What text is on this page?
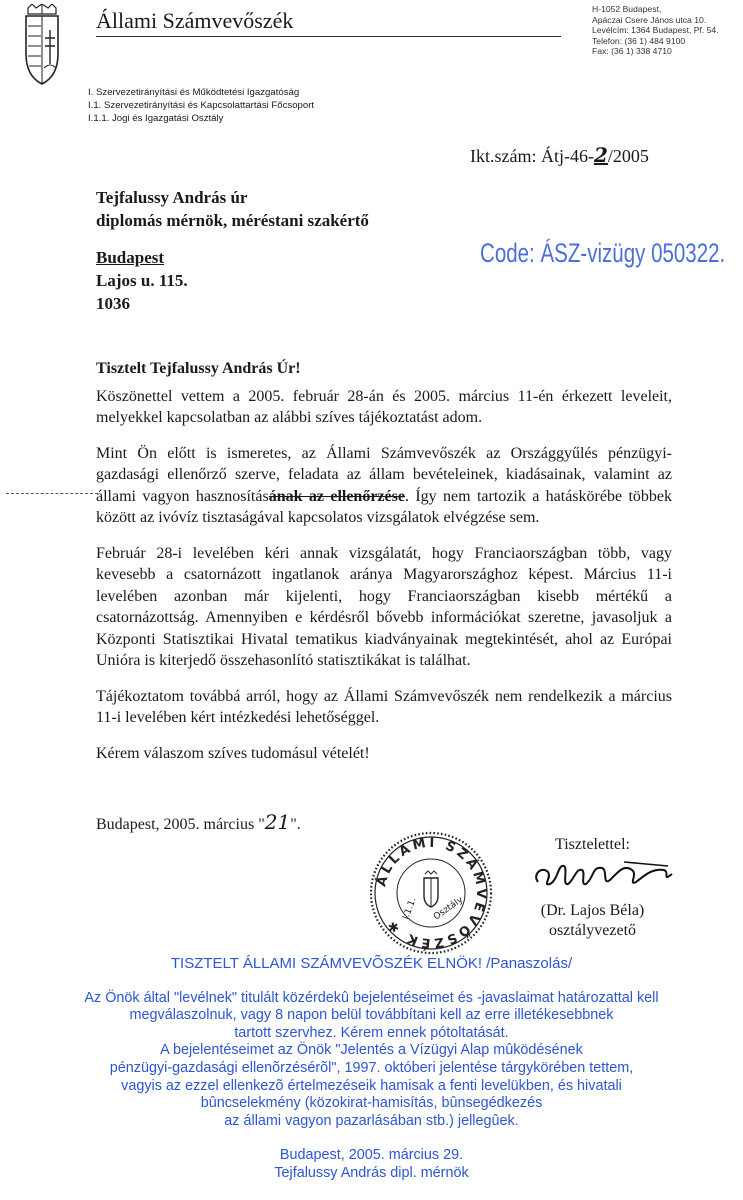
Állami Számvevőszék	H-1052 Budapest,
Apáczai Csere János utca 10.
Levélcím: 1364 Budapest, Pf. 54.
Telefon: (36 1) 484 9100
Fax: (36 1) 338 4710
I. Szervezetirányítási és Működtetési Igazgatóság
I.1. Szervezetirányítási és Kapcsolattartási Főcsoport
I.1.1. Jogi és Igazgatási Osztály
Ikt.szám: Átj-46-2/2005
Tejfalussy András úr
diplomás mérnök, méréstani szakértő
Budapest
Lajos u. 115.
1036
Code: ÁSZ-vizügy 050322.

Tisztelt Tejfalussy András Úr!

Köszönettel vettem a 2005. február 28-án és 2005. március 11-én érkezett leveleit, melyekkel kapcsolatban az alábbi szíves tájékoztatást adom.

Mint Ön előtt is ismeretes, az Állami Számvevőszék az Országgyűlés pénzügyi-gazdasági ellenőrző szerve, feladata az állam bevételeinek, kiadásainak, valamint az állami vagyon hasznosításának az ellenőrzése. Így nem tartozik a hatáskörébe többek között az ivóvíz tisztaságával kapcsolatos vizsgálatok elvégzése sem.

Február 28-i levelében kéri annak vizsgálatát, hogy Franciaországban több, vagy kevesebb a csatornázott ingatlanok aránya Magyarországhoz képest. Március 11-i levelében azonban már kijelenti, hogy Franciaországban kisebb mértékű a csatornázottság. Amennyiben e kérdésről bővebb információkat szeretne, javasoljuk a Központi Statisztikai Hivatal tematikus kiadványainak megtekintését, ahol az Európai Unióra is kiterjedő összehasonlító statisztikákat is találhat.

Tájékoztatom továbbá arról, hogy az Állami Számvevőszék nem rendelkezik a március 11-i levelében kért intézkedési lehetőséggel.

Kérem válaszom szíves tudomásul vételét!

Budapest, 2005. március "21".
ÁLLAMI SZÁMVEVŐSZÉK ✱
Osztály
I.1.1.
Tisztelettel:
(Dr. Lajos Béla)
osztályvezető
TISZTELT ÁLLAMI SZÁMVEVÕSZÉK ELNÖK! /Panaszolás/
Az Önök által "levélnek" titulált közérdekû bejelentéseimet és -javaslaimat határozattal kell
megválaszolnuk, vagy 8 napon belül továbbítani kell az erre illetékesebbnek
tartott szervhez. Kérem ennek pótoltatását.
A bejelentéseimet az Önök "Jelentés a Vízügyi Alap mûködésének
pénzügyi-gazdasági ellenõrzésérõl", 1997. októberi jelentése tárgykörében tettem,
vagyis az ezzel ellenkezõ értelmezéseik hamisak a fenti levelükben, és hivatali
bûncselekmény (közokirat-hamisítás, bûnsegédkezés
az állami vagyon pazarlásában stb.) jellegûek.
Budapest, 2005. március 29.
Tejfalussy András dipl. mérnök
